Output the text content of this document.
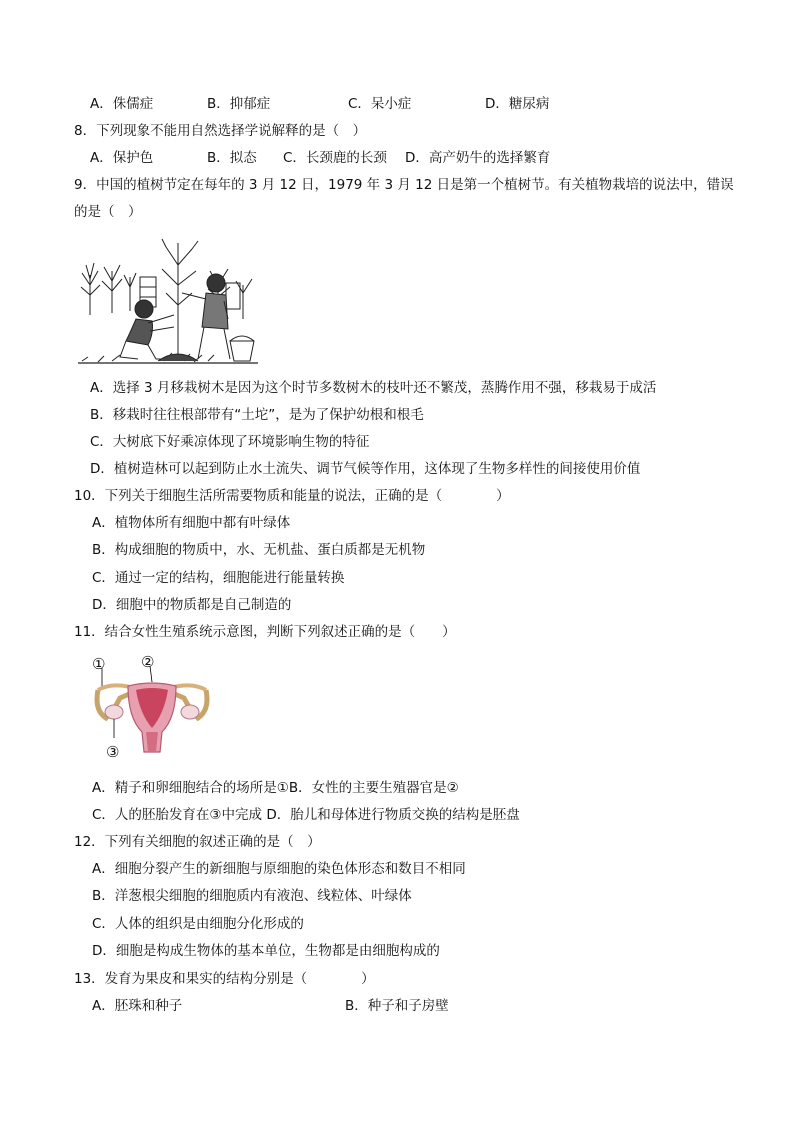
A．侏儒症	B．抑郁症	C．呆小症	D．糖尿病
8．下列现象不能用自然选择学说解释的是（　）
A．保护色	B．拟态 C．长颈鹿的长颈 D．高产奶牛的选择繁育
9．中国的植树节定在每年的 3 月 12 日，1979 年 3 月 12 日是第一个植树节。有关植物栽培的说法中，错误
的是（　）
A．选择 3 月移栽树木是因为这个时节多数树木的枝叶还不繁茂，蒸腾作用不强，移栽易于成活
B．移栽时往往根部带有“土坨”，是为了保护幼根和根毛
C．大树底下好乘凉体现了环境影响生物的特征
D．植树造林可以起到防止水土流失、调节气候等作用，这体现了生物多样性的间接使用价值
10．下列关于细胞生活所需要物质和能量的说法，正确的是（　　　　）
A．植物体所有细胞中都有叶绿体
B．构成细胞的物质中，水、无机盐、蛋白质都是无机物
C．通过一定的结构，细胞能进行能量转换
D．细胞中的物质都是自己制造的
11．结合女性生殖系统示意图，判断下列叙述正确的是（　　）
① ②
③
A．精子和卵细胞结合的场所是①B．女性的主要生殖器官是②
C．人的胚胎发育在③中完成 D．胎儿和母体进行物质交换的结构是胚盘
12．下列有关细胞的叙述正确的是（　）
A．细胞分裂产生的新细胞与原细胞的染色体形态和数目不相同
B．洋葱根尖细胞的细胞质内有液泡、线粒体、叶绿体
C．人体的组织是由细胞分化形成的
D．细胞是构成生物体的基本单位，生物都是由细胞构成的
13．发育为果皮和果实的结构分别是（　　　　）
A．胚珠和种子	B．种子和子房壁
